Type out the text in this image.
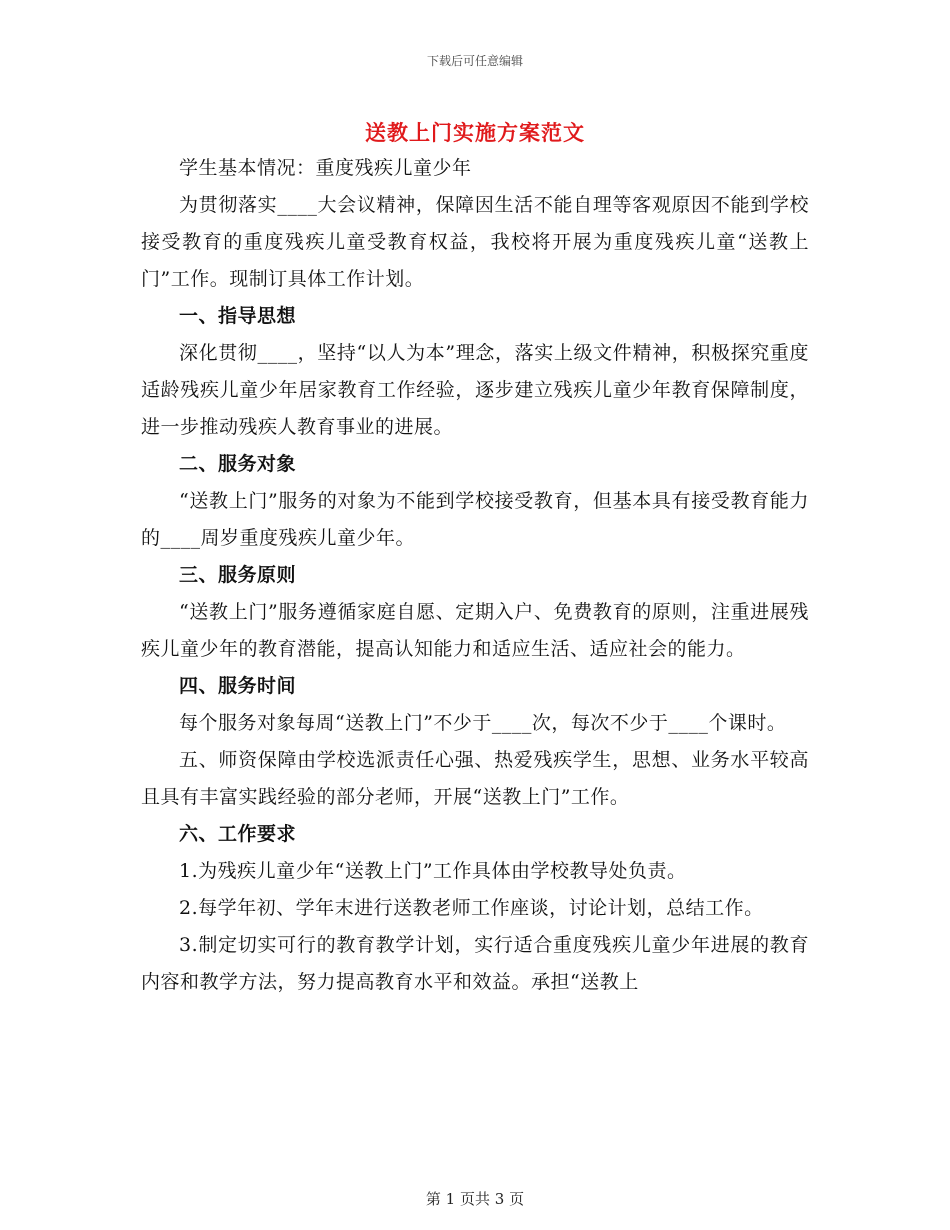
下载后可任意编辑
送教上门实施方案范文

学生基本情况：重度残疾儿童少年

为贯彻落实____大会议精神，保障因生活不能自理等客观原因不能到学校接受教育的重度残疾儿童受教育权益，我校将开展为重度残疾儿童“送教上门”工作。现制订具体工作计划。

一、指导思想

深化贯彻____，坚持“以人为本”理念，落实上级文件精神，积极探究重度适龄残疾儿童少年居家教育工作经验，逐步建立残疾儿童少年教育保障制度，进一步推动残疾人教育事业的进展。

二、服务对象

“送教上门”服务的对象为不能到学校接受教育，但基本具有接受教育能力的____周岁重度残疾儿童少年。

三、服务原则

“送教上门”服务遵循家庭自愿、定期入户、免费教育的原则，注重进展残疾儿童少年的教育潜能，提高认知能力和适应生活、适应社会的能力。

四、服务时间

每个服务对象每周“送教上门”不少于____次，每次不少于____个课时。

五、师资保障由学校选派责任心强、热爱残疾学生，思想、业务水平较高且具有丰富实践经验的部分老师，开展“送教上门”工作。

六、工作要求

1.为残疾儿童少年“送教上门”工作具体由学校教导处负责。

2.每学年初、学年末进行送教老师工作座谈，讨论计划，总结工作。

3.制定切实可行的教育教学计划，实行适合重度残疾儿童少年进展的教育内容和教学方法，努力提高教育水平和效益。承担“送教上

第 1 页共 3 页
